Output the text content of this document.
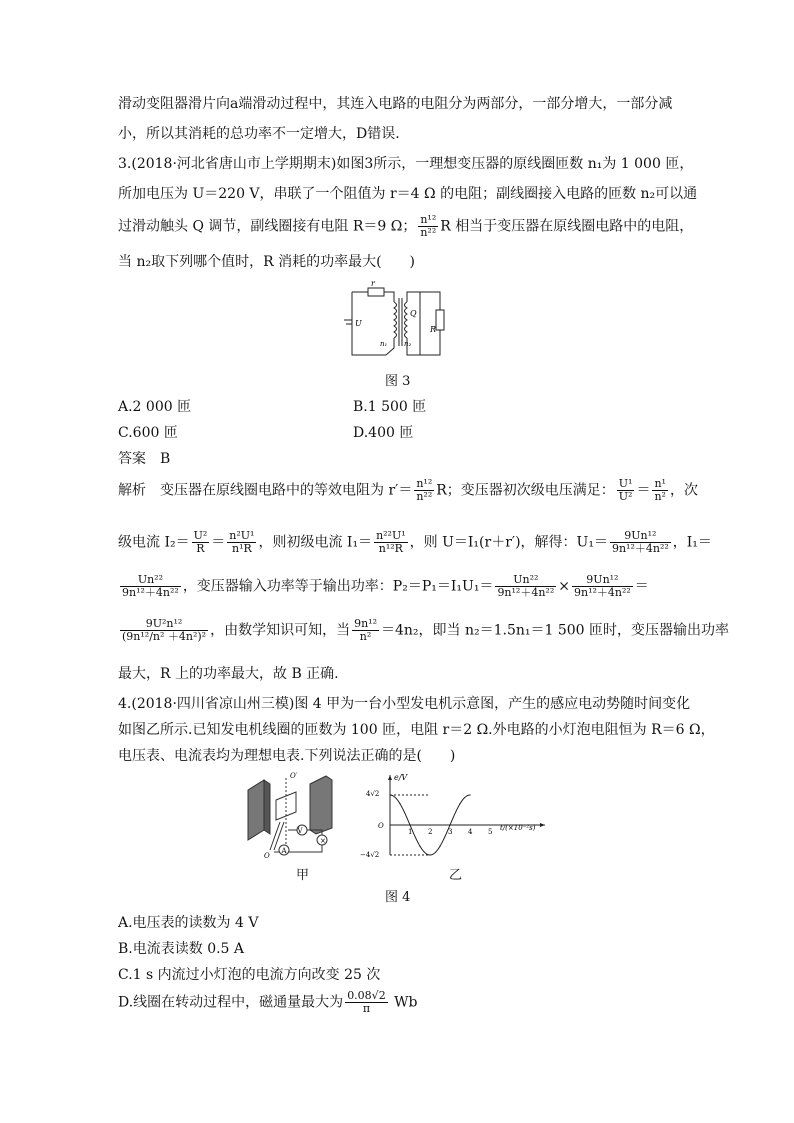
滑动变阻器滑片向a端滑动过程中，其连入电路的电阻分为两部分，一部分增大，一部分减
小，所以其消耗的总功率不一定增大，D错误.
3.(2018·河北省唐山市上学期期末)如图3所示，一理想变压器的原线圈匝数 n₁为 1 000 匝，
所加电压为 U＝220 V，串联了一个阻值为 r＝4 Ω 的电阻；副线圈接入电路的匝数 n₂可以通
过滑动触头 Q 调节，副线圈接有电阻 R＝9 Ω； $\frac{\text{n¹²}}{\text{n²²}}$ R 相当于变压器在原线圈电路中的电阻，
当 n₂取下列哪个值时，R 消耗的功率最大(　　)
r
U
Q
R
n₁ n₂
图 3
A.2 000 匝	B.1 500 匝
C.600 匝	D.400 匝
答案　B
解析　变压器在原线圈电路中的等效电阻为 $r'= \frac{\text{n¹²}}{\text{n²²}}$ R；变压器初次级电压满足： $\frac{\text{U¹}}{\text{U²}} = \frac{\text{n¹}}{\text{n²}}$ ，次
级电流 $I_2= \frac{\text{U²}}{R} = \frac{\text{n²U¹}}{\text{n¹R}}$ ，则初级电流 $I_1= \frac{\text{n²²U¹}}{\text{n¹²R}}$ ，则 U＝I₁(r＋r′)，解得：$U_1= \frac{\text{9Un¹²}}{\text{9n¹²＋4n²²}}$ ，I₁＝
$\frac{\text{Un²²}}{\text{9n¹²＋4n²²}}$ ，变压器输入功率等于输出功率：$P_2=P_1=I_1U_1= \frac{\text{Un²²}}{\text{9n¹²＋4n²²}} \times \frac{\text{9Un¹²}}{\text{9n¹²＋4n²²}}$ ＝
$\frac{\text{9U²n¹²}}{\text{(9n¹²/n² ＋4n²)²}}$ ，由数学知识可知，当 $\frac{\text{9n¹²}}{\text{n²}} =4n_2$，即当 n₂＝1.5n₁＝1 500 匝时，变压器输出功率
最大，R 上的功率最大，故 B 正确.
4.(2018·四川省凉山州三模)图 4 甲为一台小型发电机示意图，产生的感应电动势随时间变化
如图乙所示.已知发电机线圈的匝数为 100 匝，电阻 r＝2 Ω.外电路的小灯泡电阻恒为 R＝6 Ω，
电压表、电流表均为理想电表.下列说法正确的是(　　)
V
A
×
O′
O
甲
e/V
t/(×10⁻²s)
4√2
O
−4√2
1 2 3 4 5
乙
图 4
A.电压表的读数为 4 V
B.电流表读数 0.5 A
C.1 s 内流过小灯泡的电流方向改变 25 次
D.线圈在转动过程中，磁通量最大为 $\frac{0.08√2}{\pi}$ Wb
